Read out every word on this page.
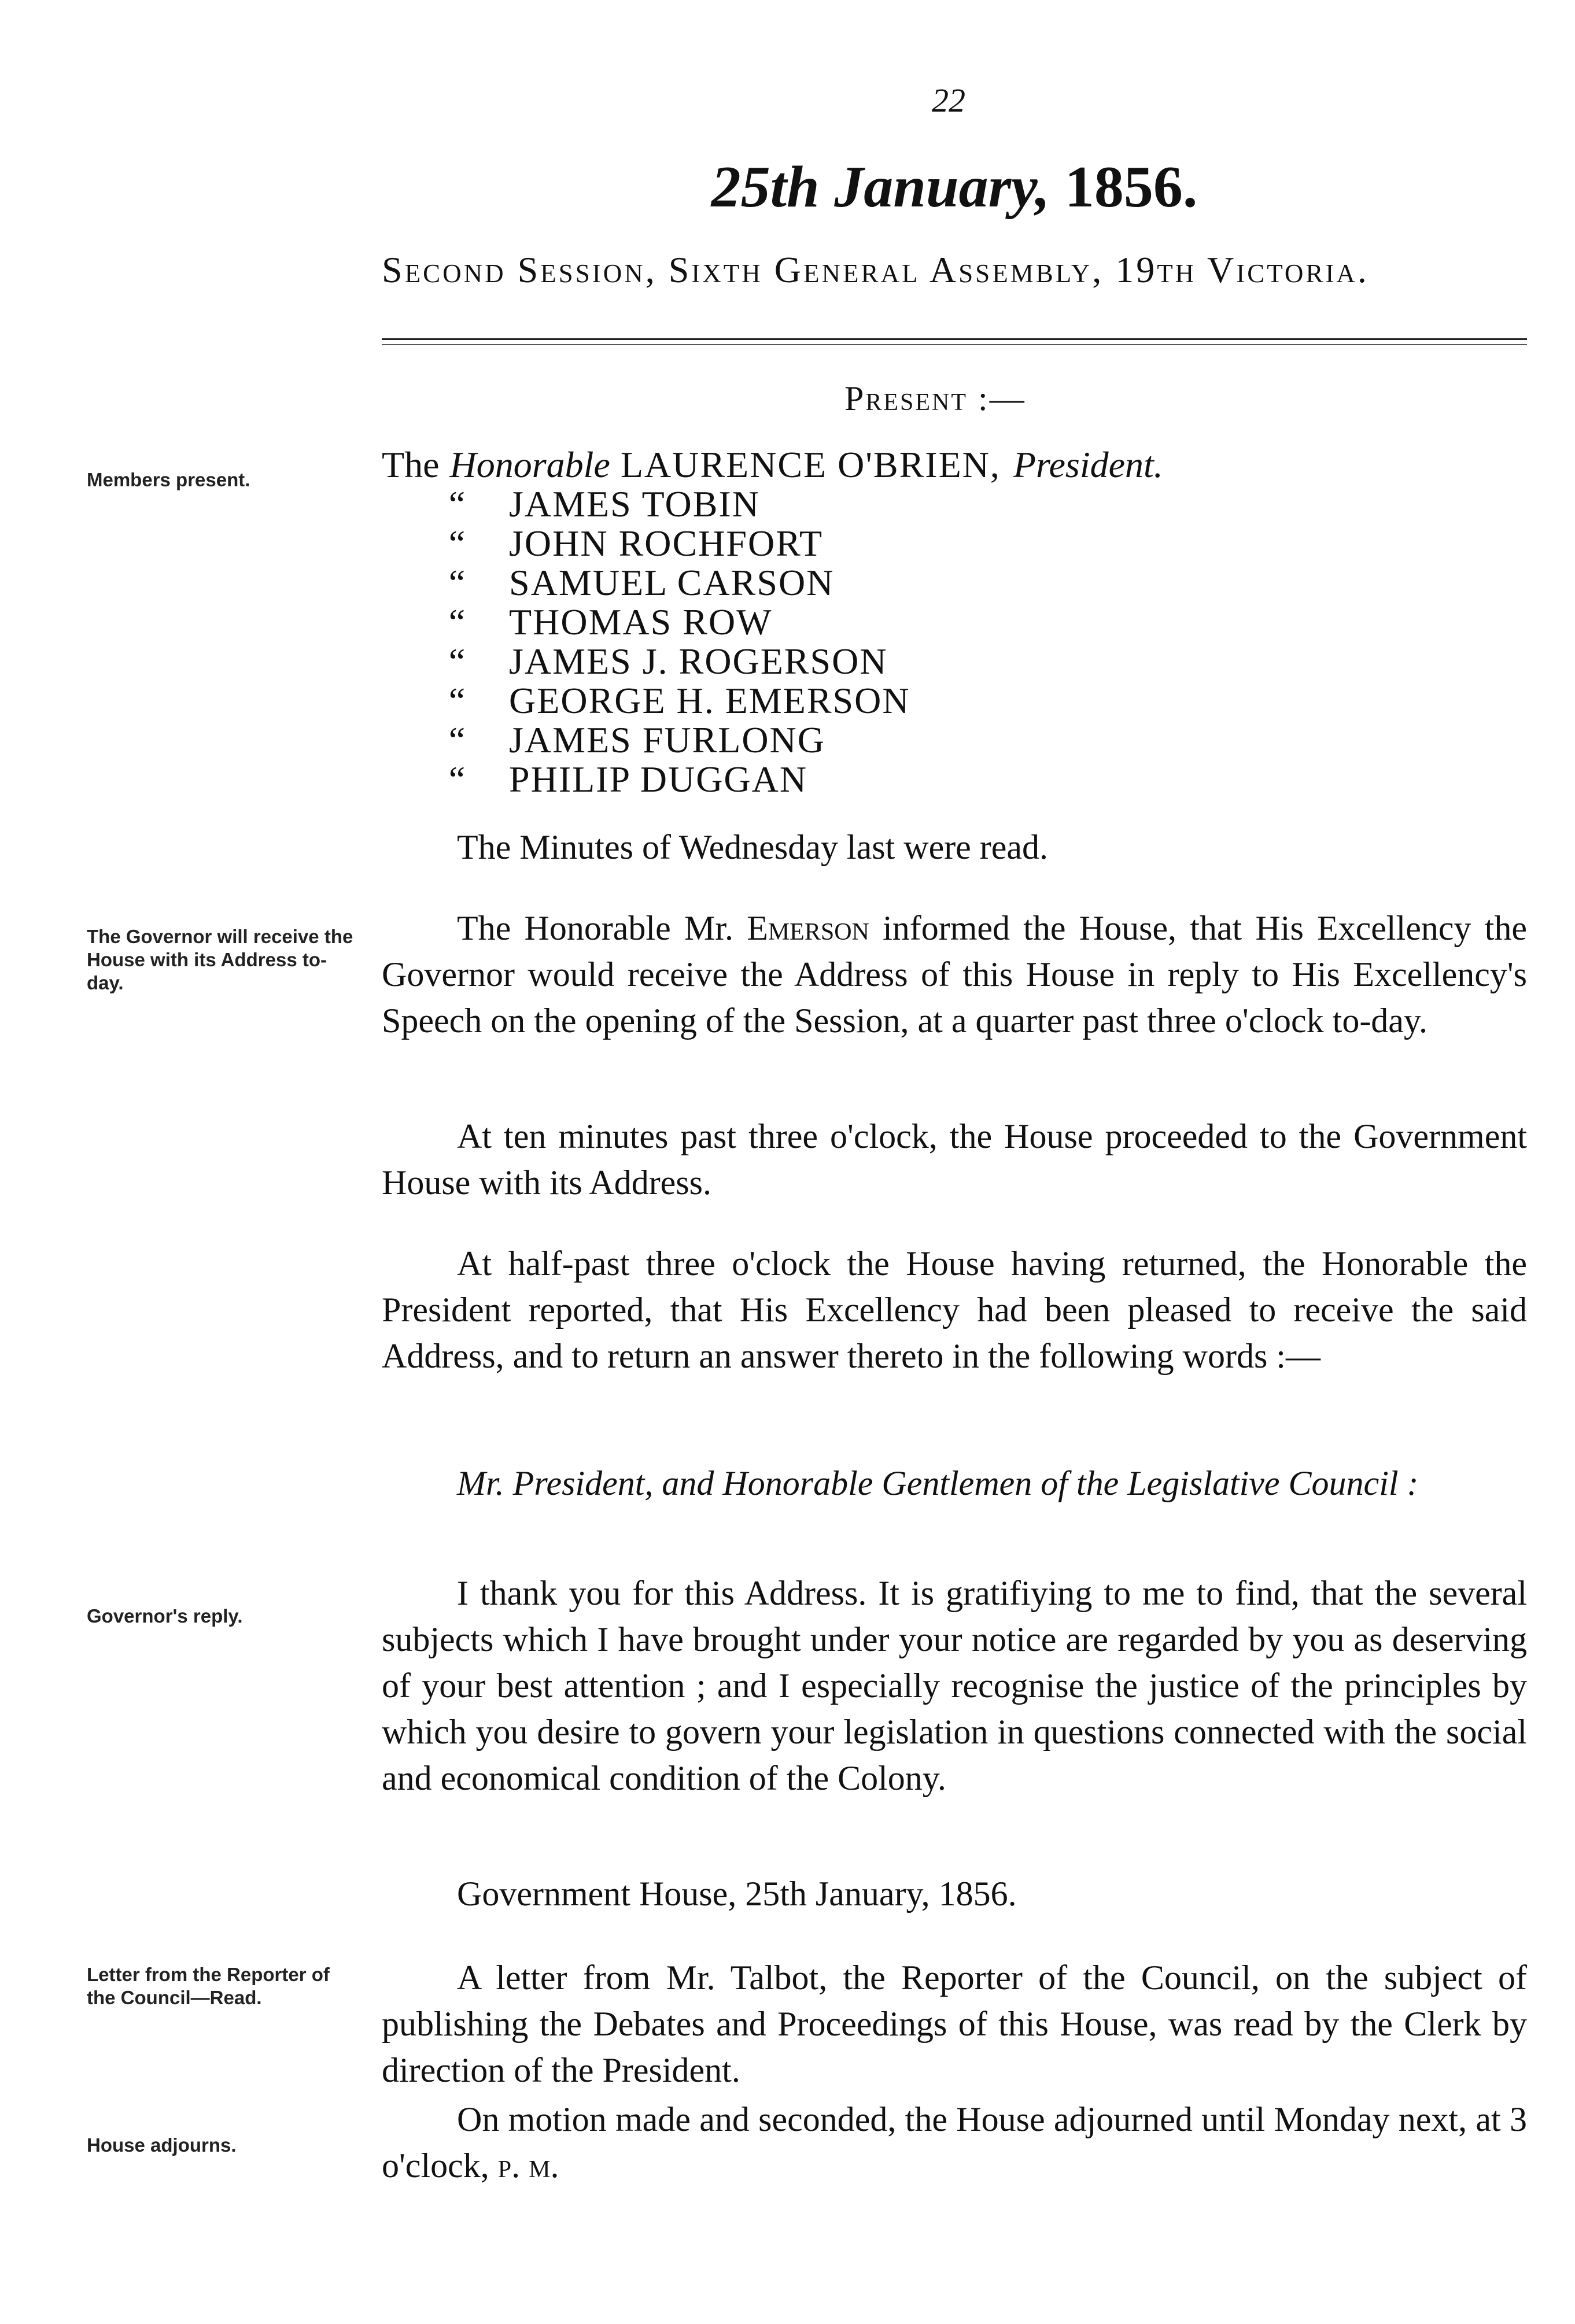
22
25th January, 1856.
Second Session, Sixth General Assembly, 19th Victoria.
Present :—
Members present.	The Honorable LAURENCE O'BRIEN, President.
“	JAMES TOBIN
“	JOHN ROCHFORT
“	SAMUEL CARSON
“	THOMAS ROW
“	JAMES J. ROGERSON
“	GEORGE H. EMERSON
“	JAMES FURLONG
“	PHILIP DUGGAN
The Minutes of Wednesday last were read.
The Governor will receive the House with its Address to-day.
The Honorable Mr. Emerson informed the House, that His Excellency the Governor would receive the Address of this House in reply to His Excellency's Speech on the opening of the Session, at a quarter past three o'clock to-day.
At ten minutes past three o'clock, the House proceeded to the Government House with its Address.
At half-past three o'clock the House having returned, the Honorable the President reported, that His Excellency had been pleased to receive the said Address, and to return an answer thereto in the following words :—
Mr. President, and Honorable Gentlemen of the Legislative Council :
Governor's reply.
I thank you for this Address. It is gratifiying to me to find, that the several subjects which I have brought under your notice are regarded by you as deserving of your best attention ; and I especially recognise the justice of the principles by which you desire to govern your legislation in questions connected with the social and economical condition of the Colony.
Government House, 25th January, 1856.
Letter from the Reporter of the Council—Read.
A letter from Mr. Talbot, the Reporter of the Council, on the subject of publishing the Debates and Proceedings of this House, was read by the Clerk by direction of the President.
House adjourns.
On motion made and seconded, the House adjourned until Monday next, at 3 o'clock, p. m.
